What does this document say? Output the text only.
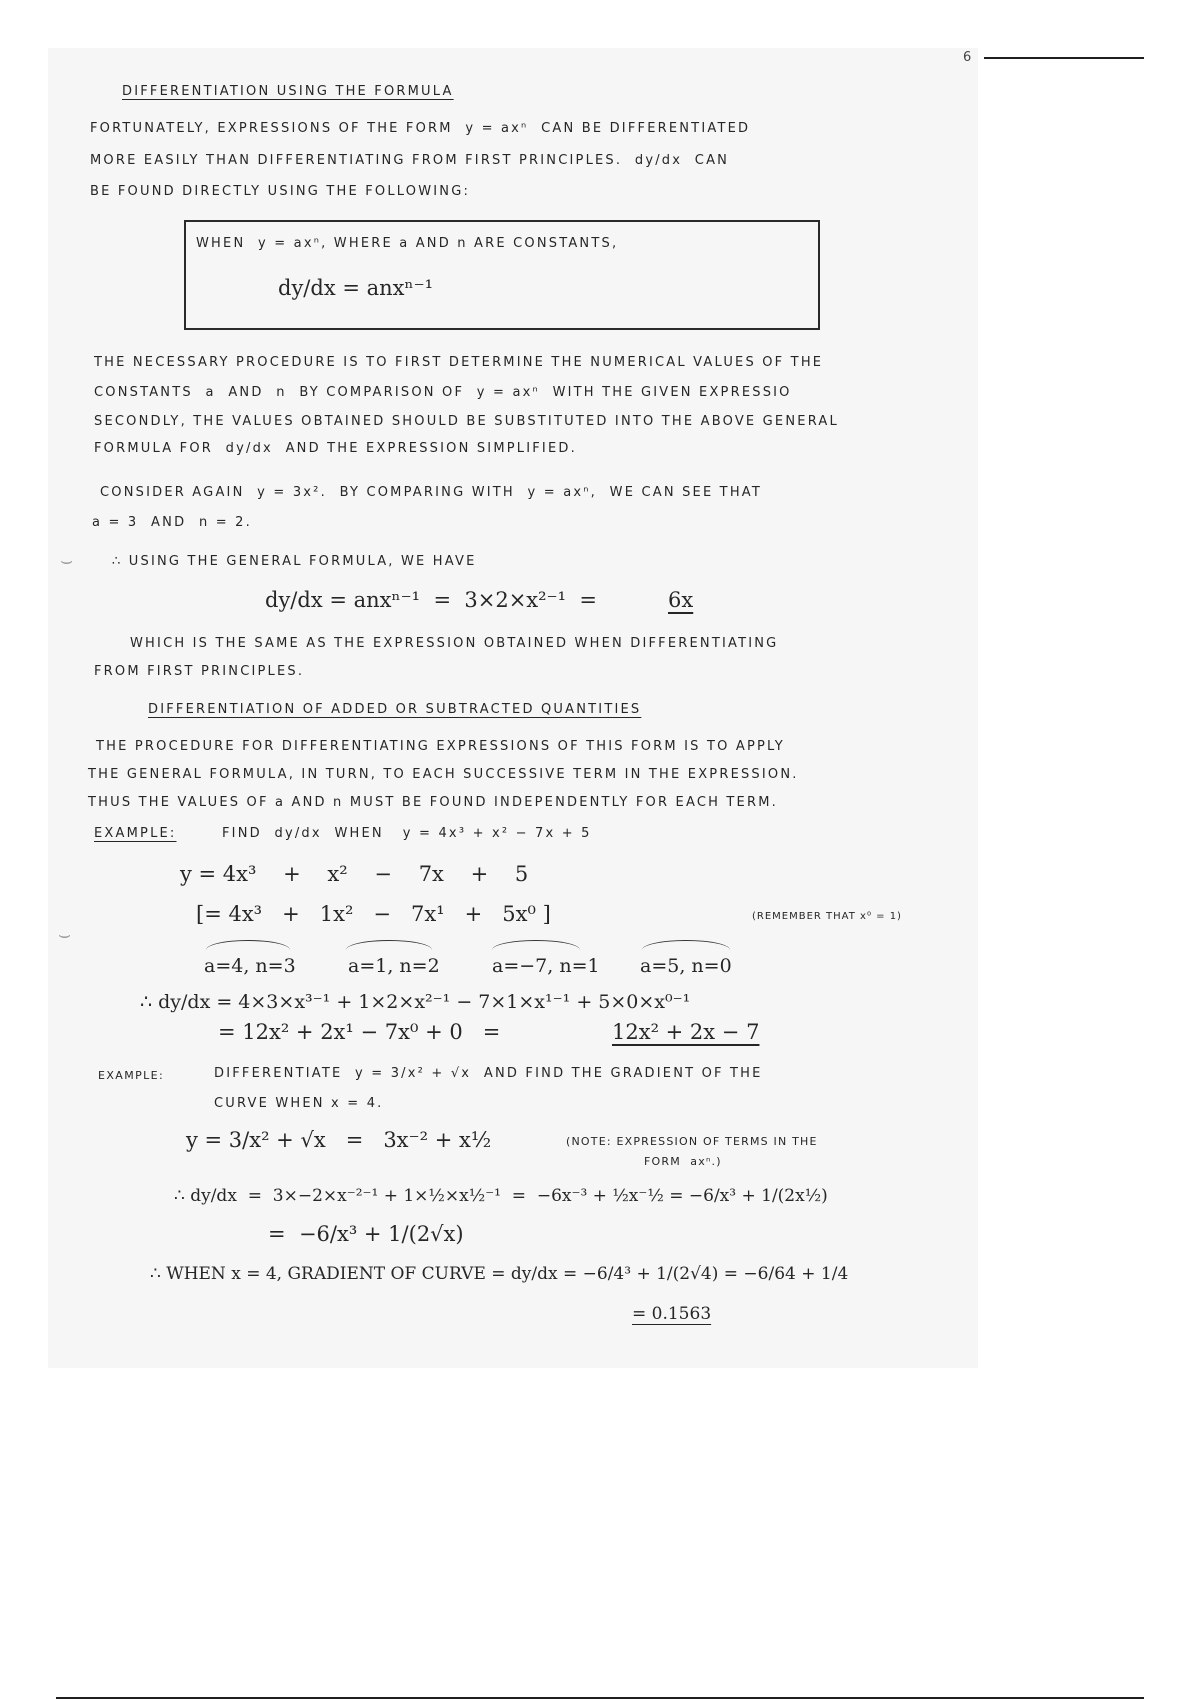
6
DIFFERENTIATION USING THE FORMULA
FORTUNATELY, EXPRESSIONS OF THE FORM  y = axⁿ  CAN BE DIFFERENTIATED
MORE EASILY THAN DIFFERENTIATING FROM FIRST PRINCIPLES.  dy/dx  CAN
BE FOUND DIRECTLY USING THE FOLLOWING:
WHEN  y = axⁿ, WHERE a AND n ARE CONSTANTS,
dy/dx = anxⁿ⁻¹
THE NECESSARY PROCEDURE IS TO FIRST DETERMINE THE NUMERICAL VALUES OF THE
CONSTANTS  a  AND  n  BY COMPARISON OF  y = axⁿ  WITH THE GIVEN EXPRESSIO
SECONDLY, THE VALUES OBTAINED SHOULD BE SUBSTITUTED INTO THE ABOVE GENERAL
FORMULA FOR  dy/dx  AND THE EXPRESSION SIMPLIFIED.
CONSIDER AGAIN  y = 3x².  BY COMPARING WITH  y = axⁿ,  WE CAN SEE THAT
a = 3  AND  n = 2.
⌣	∴ USING THE GENERAL FORMULA, WE HAVE
dy/dx = anxⁿ⁻¹  =  3×2×x²⁻¹  =	6x
WHICH IS THE SAME AS THE EXPRESSION OBTAINED WHEN DIFFERENTIATING
FROM FIRST PRINCIPLES.
DIFFERENTIATION OF ADDED OR SUBTRACTED QUANTITIES
THE PROCEDURE FOR DIFFERENTIATING EXPRESSIONS OF THIS FORM IS TO APPLY
THE GENERAL FORMULA, IN TURN, TO EACH SUCCESSIVE TERM IN THE EXPRESSION.
THUS THE VALUES OF a AND n MUST BE FOUND INDEPENDENTLY FOR EACH TERM.
EXAMPLE:	FIND  dy/dx  WHEN   y = 4x³ + x² − 7x + 5
y = 4x³    +    x²    −    7x    +    5
[= 4x³   +   1x²   −   7x¹   +   5x⁰ ]	(REMEMBER THAT x⁰ = 1)
⌣
a=4, n=3	a=1, n=2	a=−7, n=1 a=5, n=0
∴ dy/dx = 4×3×x³⁻¹ + 1×2×x²⁻¹ − 7×1×x¹⁻¹ + 5×0×x⁰⁻¹
= 12x² + 2x¹ − 7x⁰ + 0   =	12x² + 2x − 7
EXAMPLE:	DIFFERENTIATE  y = 3/x² + √x  AND FIND THE GRADIENT OF THE
CURVE WHEN x = 4.
y = 3/x² + √x   =   3x⁻² + x½	(NOTE: EXPRESSION OF TERMS IN THE
FORM  axⁿ.)
∴ dy/dx  =  3×−2×x⁻²⁻¹ + 1×½×x½⁻¹  =  −6x⁻³ + ½x⁻½ = −6/x³ + 1/(2x½)
=  −6/x³ + 1/(2√x)
∴ WHEN x = 4, GRADIENT OF CURVE = dy/dx = −6/4³ + 1/(2√4) = −6/64 + 1/4
= 0.1563
